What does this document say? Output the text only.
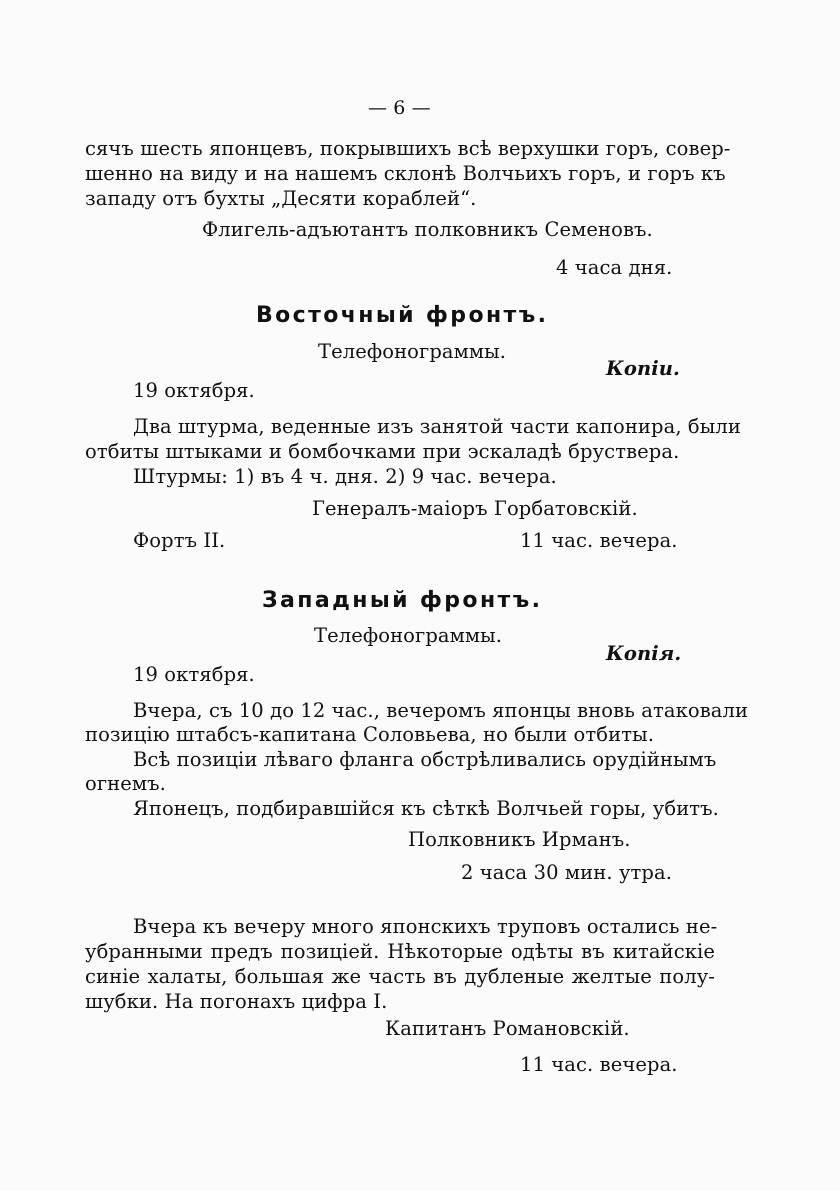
— 6 —
сячъ шесть японцевъ, покрывшихъ всѣ верхушки горъ, совер-
шенно на виду и на нашемъ склонѣ Волчьихъ горъ, и горъ къ
западу отъ бухты „Десяти кораблей“.
Флигель-адъютантъ полковникъ Семеновъ.
4 часа дня.
Восточный фронтъ.
Телефонограммы.
Копіи.
19 октября.
Два штурма, веденные изъ занятой части капонира, были
отбиты штыками и бомбочками при эскаладѣ бруствера.
Штурмы: 1) въ 4 ч. дня. 2) 9 час. вечера.
Генералъ-маіоръ Горбатовскій.
Фортъ II.	11 час. вечера.
Западный фронтъ.
Телефонограммы.
Копія.
19 октября.
Вчера, съ 10 до 12 час., вечеромъ японцы вновь атаковали
позицію штабсъ-капитана Соловьева, но были отбиты.
Всѣ позиціи лѣваго фланга обстрѣливались орудійнымъ
огнемъ.
Японецъ, подбиравшійся къ сѣткѣ Волчьей горы, убитъ.
Полковникъ Ирманъ.
2 часа 30 мин. утра.
Вчера къ вечеру много японскихъ труповъ остались не-
убранными предъ позиціей. Нѣкоторые одѣты въ китайскіе
синіе халаты, большая же часть въ дубленые желтые полу-
шубки. На погонахъ цифра I.
Капитанъ Романовскій.
11 час. вечера.
